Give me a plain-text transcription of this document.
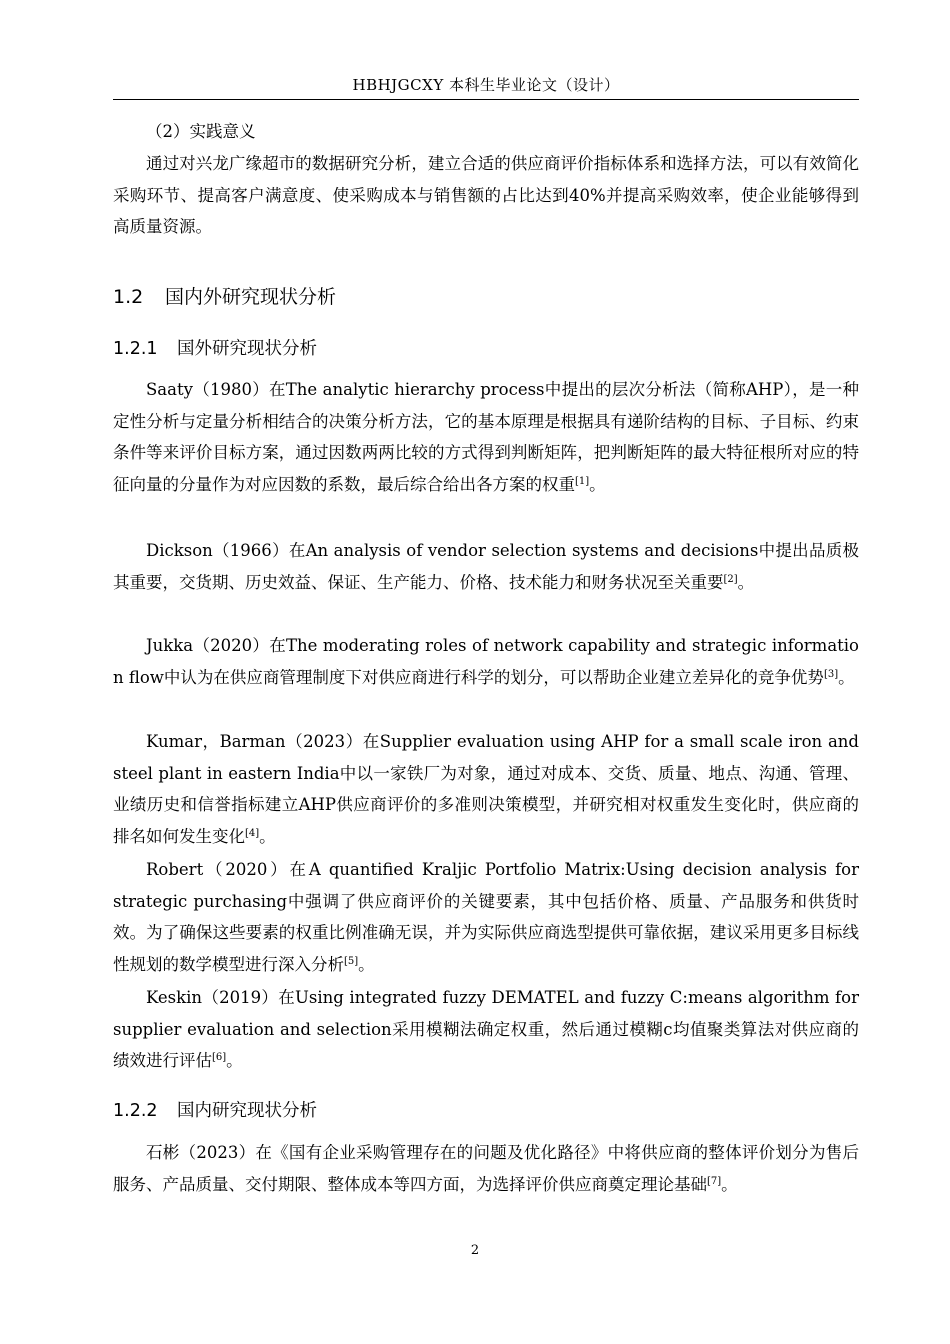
HBHJGCXY 本科生毕业论文（设计）
（2）实践意义
通过对兴龙广缘超市的数据研究分析，建立合适的供应商评价指标体系和选择方法，可以有效简化采购环节、提高客户满意度、使采购成本与销售额的占比达到40%并提高采购效率，使企业能够得到高质量资源。
1.2 国内外研究现状分析
1.2.1 国外研究现状分析
Saaty（1980）在The analytic hierarchy process中提出的层次分析法（简称AHP），是一种定性分析与定量分析相结合的决策分析方法，它的基本原理是根据具有递阶结构的目标、子目标、约束条件等来评价目标方案，通过因数两两比较的方式得到判断矩阵，把判断矩阵的最大特征根所对应的特征向量的分量作为对应因数的系数，最后综合给出各方案的权重[1]。
Dickson（1966）在An analysis of vendor selection systems and decisions中提出品质极其重要，交货期、历史效益、保证、生产能力、价格、技术能力和财务状况至关重要[2]。
Jukka（2020）在The moderating roles of network capability and strategic information flow中认为在供应商管理制度下对供应商进行科学的划分，可以帮助企业建立差异化的竞争优势[3]。
Kumar，Barman（2023）在Supplier evaluation using AHP for a small scale iron and steel plant in eastern India中以一家铁厂为对象，通过对成本、交货、质量、地点、沟通、管理、业绩历史和信誉指标建立AHP供应商评价的多准则决策模型，并研究相对权重发生变化时，供应商的排名如何发生变化[4]。
Robert（2020）在A quantified Kraljic Portfolio Matrix:Using decision analysis for strategic purchasing中强调了供应商评价的关键要素，其中包括价格、质量、产品服务和供货时效。为了确保这些要素的权重比例准确无误，并为实际供应商选型提供可靠依据，建议采用更多目标线性规划的数学模型进行深入分析[5]。
Keskin（2019）在Using integrated fuzzy DEMATEL and fuzzy C:means algorithm for supplier evaluation and selection采用模糊法确定权重，然后通过模糊c均值聚类算法对供应商的绩效进行评估[6]。
1.2.2 国内研究现状分析
石彬（2023）在《国有企业采购管理存在的问题及优化路径》中将供应商的整体评价划分为售后服务、产品质量、交付期限、整体成本等四方面，为选择评价供应商奠定理论基础[7]。
2
